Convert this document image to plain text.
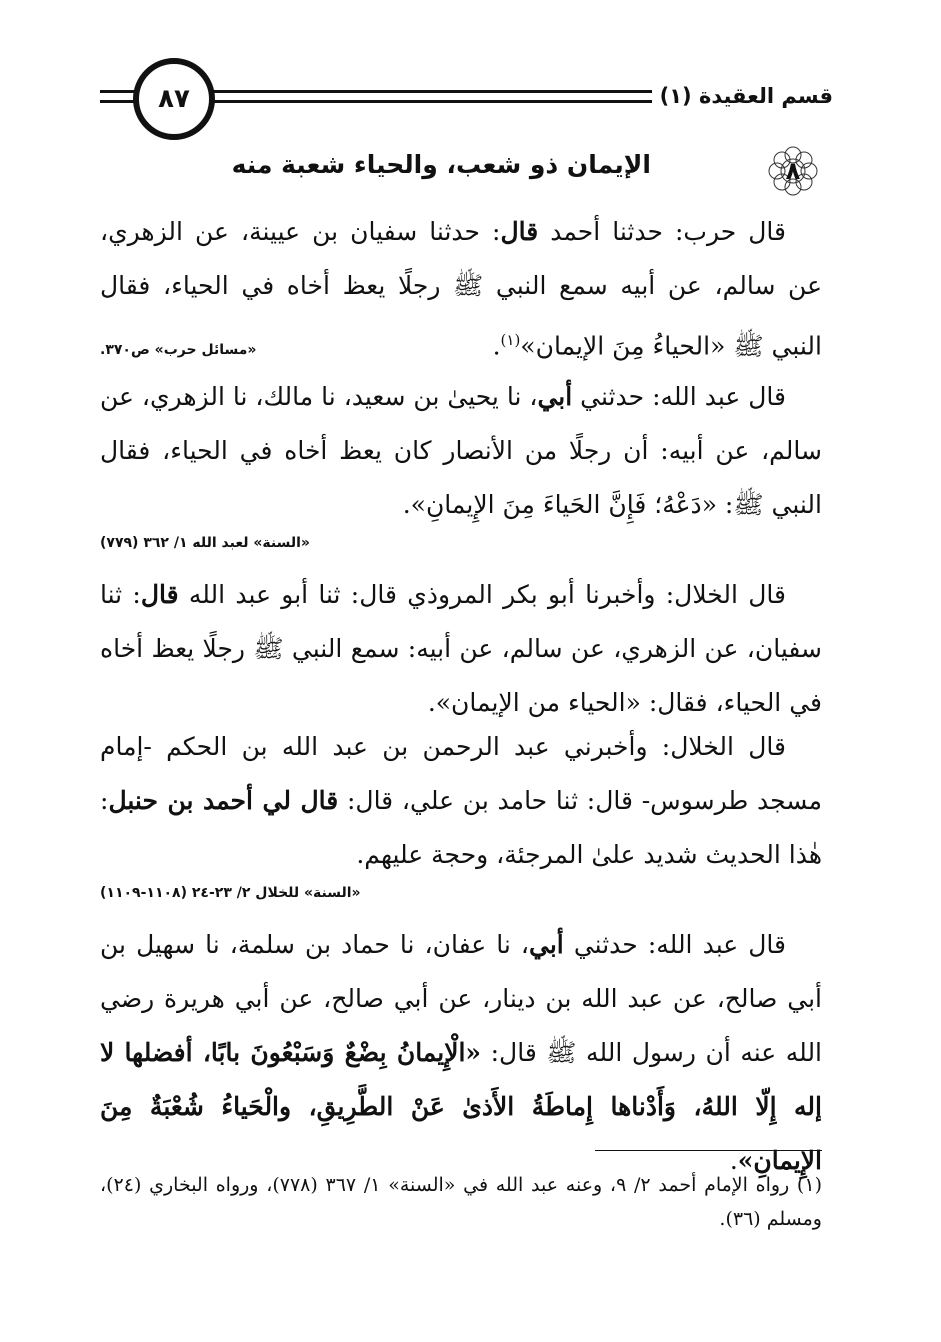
قسم العقيدة (١)
٨٧
٨
الإيمان ذو شعب، والحياء شعبة منه

قال حرب: حدثنا أحمد قال: حدثنا سفيان بن عيينة، عن الزهري، عن سالم، عن أبيه سمع النبي ﷺ رجلًا يعظ أخاه في الحياء، فقال النبي ﷺ «الحياءُ مِنَ الإيمان»$^{(١)}$.

«مسائل حرب» ص٣٧٠.

قال عبد الله: حدثني أبي، نا يحيىٰ بن سعيد، نا مالك، نا الزهري، عن سالم، عن أبيه: أن رجلًا من الأنصار كان يعظ أخاه في الحياء، فقال النبي ﷺ: «دَعْهُ؛ فَإِنَّ الحَياءَ مِنَ الإِيمانِ».

«السنة» لعبد الله ١/ ٣٦٢ (٧٧٩)

قال الخلال: وأخبرنا أبو بكر المروذي قال: ثنا أبو عبد الله قال: ثنا سفيان، عن الزهري، عن سالم، عن أبيه: سمع النبي ﷺ رجلًا يعظ أخاه في الحياء، فقال: «الحياء من الإيمان».

قال الخلال: وأخبرني عبد الرحمن بن عبد الله بن الحكم -إمام مسجد طرسوس- قال: ثنا حامد بن علي، قال: قال لي أحمد بن حنبل: هٰذا الحديث شديد علىٰ المرجئة، وحجة عليهم.

«السنة» للخلال ٢/ ٢٣-٢٤ (١١٠٨-١١٠٩)

قال عبد الله: حدثني أبي، نا عفان، نا حماد بن سلمة، نا سهيل بن أبي صالح، عن عبد الله بن دينار، عن أبي صالح، عن أبي هريرة رضي الله عنه أن رسول الله ﷺ قال: «الْإِيمانُ بِضْعٌ وَسَبْعُونَ بابًا، أفضلها لا إله إِلّا اللهُ، وَأَدْناها إِماطَةُ الأَذىٰ عَنْ الطَّرِيقِ، والْحَياءُ شُعْبَةٌ مِنَ الإِيمانِ».

(١) رواه الإمام أحمد ٢/ ٩، وعنه عبد الله في «السنة» ١/ ٣٦٧ (٧٧٨)، ورواه البخاري (٢٤)، ومسلم (٣٦).
